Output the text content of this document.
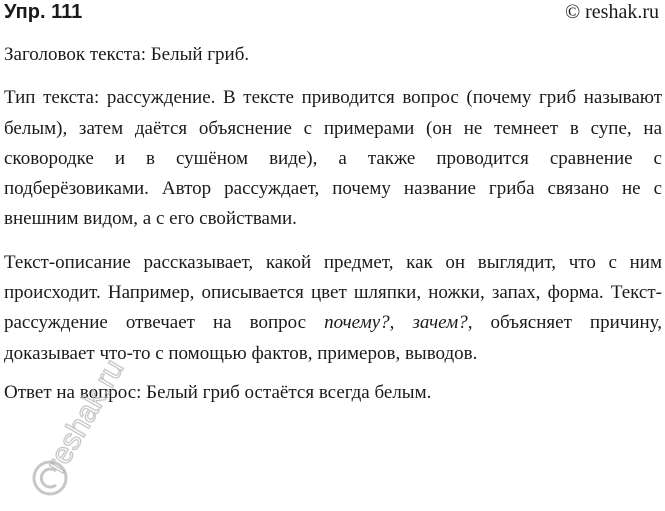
Упр. 111	© reshak.ru

Заголовок текста: Белый гриб.

Тип текста: рассуждение. В тексте приводится вопрос (почему гриб называют белым), затем даётся объяснение с примерами (он не темнеет в супе, на сковородке и в сушёном виде), а также проводится сравнение с подберёзовиками. Автор рассуждает, почему название гриба связано не с внешним видом, а с его свойствами.

Текст-описание рассказывает, какой предмет, как он выглядит, что с ним происходит. Например, описывается цвет шляпки, ножки, запах, форма. Текст-рассуждение отвечает на вопрос почему?, зачем?, объясняет причину, доказывает что-то с помощью фактов, примеров, выводов.

Ответ на вопрос: Белый гриб остаётся всегда белым.

reshak.ru
